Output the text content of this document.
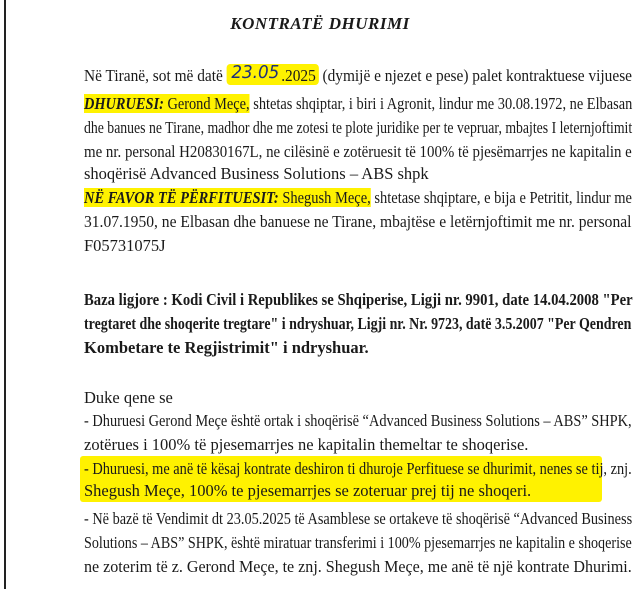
KONTRATË DHURIMI
Në Tiranë, sot më datë 23.05 .2025 (dymijë e njezet e pese) palet kontraktuese vijuese
DHURUESI: Gerond Meçe, shtetas shqiptar, i biri i Agronit, lindur me 30.08.1972, ne Elbasan
dhe banues ne Tirane, madhor dhe me zotesi te plote juridike per te vepruar, mbajtes I leternjoftimit
me nr. personal H20830167L, ne cilësinë e zotëruesit të 100% të pjesëmarrjes ne kapitalin e
shoqërisë Advanced Business Solutions – ABS shpk
NË FAVOR TË PËRFITUESIT: Shegush Meçe, shtetase shqiptare, e bija e Petritit, lindur me
31.07.1950, ne Elbasan dhe banuese ne Tirane, mbajtëse e letërnjoftimit me nr. personal
F05731075J
Baza ligjore : Kodi Civil i Republikes se Shqiperise, Ligji nr. 9901, date 14.04.2008 "Per
tregtaret dhe shoqerite tregtare" i ndryshuar, Ligji nr. Nr. 9723, datë 3.5.2007 "Per Qendren
Kombetare te Regjistrimit" i ndryshuar.
Duke qene se
- Dhuruesi Gerond Meçe është ortak i shoqërisë “Advanced Business Solutions – ABS” SHPK,
zotërues i 100% të pjesemarrjes ne kapitalin themeltar te shoqerise.
- Dhuruesi, me anë të kësaj kontrate deshiron ti dhuroje Perfituese se dhurimit, nenes se tij, znj.
Shegush Meçe, 100% te pjesemarrjes se zoteruar prej tij ne shoqeri.
- Në bazë të Vendimit dt 23.05.2025 të Asamblese se ortakeve të shoqërisë “Advanced Business
Solutions – ABS” SHPK, është miratuar transferimi i 100% pjesemarrjes ne kapitalin e shoqerise
ne zoterim të z. Gerond Meçe, te znj. Shegush Meçe, me anë të një kontrate Dhurimi.
